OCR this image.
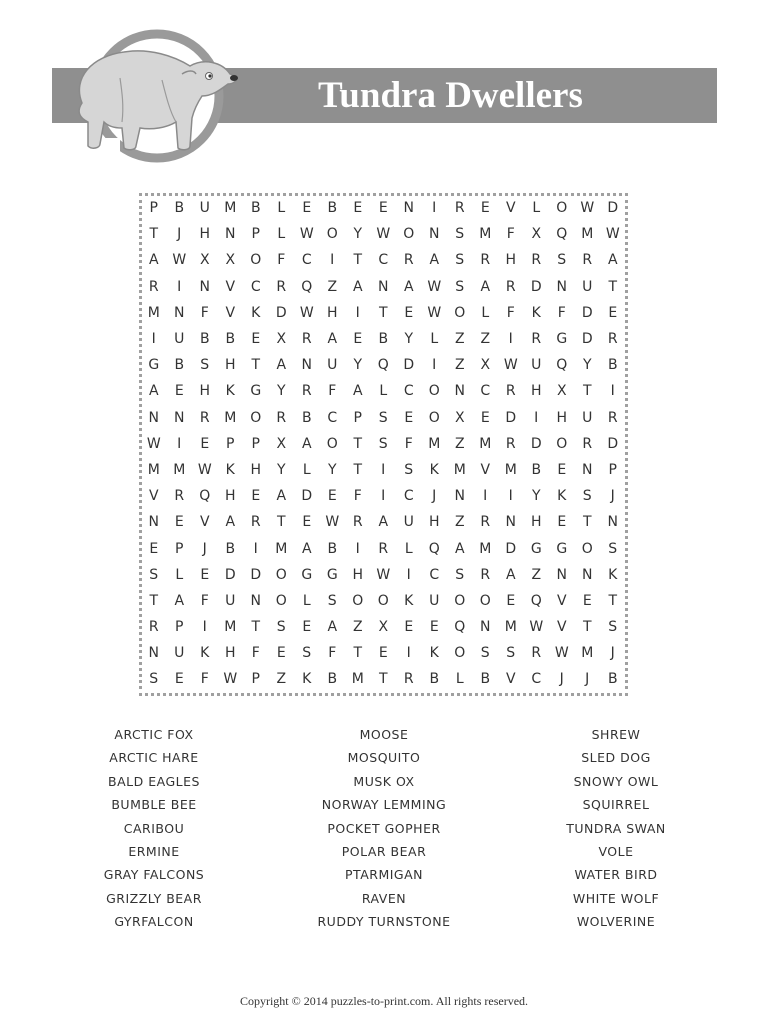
Tundra Dwellers
P	B	U	M	B	L	E	B	E	E	N	I	R	E	V	L	O W D
T	J	H	N	P	L	W O	Y	W O	N	S	M	F	X	Q M W
A W X	X	O	F	C	I	T	C	R	A	S	R	H	R	S	R	A
R	I	N	V	C	R	Q	Z	A	N	A W	S	A	R	D	N	U	T
M	N	F	V	K	D W H	I	T	E	W O	L	F	K	F	D	E
I	U	B	B	E	X	R	A	E	B	Y	L	Z	Z	I	R	G	D	R
G	B	S	H	T	A	N	U	Y	Q	D	I	Z	X W U	Q	Y	B
A	E	H	K	G	Y	R	F	A	L	C	O	N	C	R	H	X	T	I
N	N	R	M O	R	B	C	P	S	E	O	X	E	D	I	H	U	R
W	I	E	P	P	X	A	O	T	S	F	M	Z	M	R	D	O	R	D
M M W K	H	Y	L	Y	T	I	S	K	M	V	M	B	E	N	P
V	R	Q	H	E	A	D	E	F	I	C	J	N	I	I	Y	K	S	J
N	E	V	A	R	T	E	W R	A	U	H	Z	R	N	H	E	T	N
E	P	J	B	I	M	A	B	I	R	L	Q	A	M	D	G	G	O	S
S	L	E	D	D	O	G	G	H W	I	C	S	R	A	Z	N	N	K
T	A	F	U	N	O	L	S	O	O	K	U	O	O	E	Q	V	E	T
R	P	I	M	T	S	E	A	Z	X	E	E	Q	N	M W V	T	S
N	U	K	H	F	E	S	F	T	E	I	K	O	S	S	R W M	J
S	E	F	W	P	Z	K	B	M	T	R	B	L	B	V	C	J	J	B
ARCTIC FOX
ARCTIC HARE
BALD EAGLES
BUMBLE BEE
CARIBOU
ERMINE
GRAY FALCONS
GRIZZLY BEAR
GYRFALCON
MOOSE
MOSQUITO
MUSK OX
NORWAY LEMMING
POCKET GOPHER
POLAR BEAR
PTARMIGAN
RAVEN
RUDDY TURNSTONE
SHREW
SLED DOG
SNOWY OWL
SQUIRREL
TUNDRA SWAN
VOLE
WATER BIRD
WHITE WOLF
WOLVERINE
Copyright © 2014 puzzles-to-print.com. All rights reserved.
